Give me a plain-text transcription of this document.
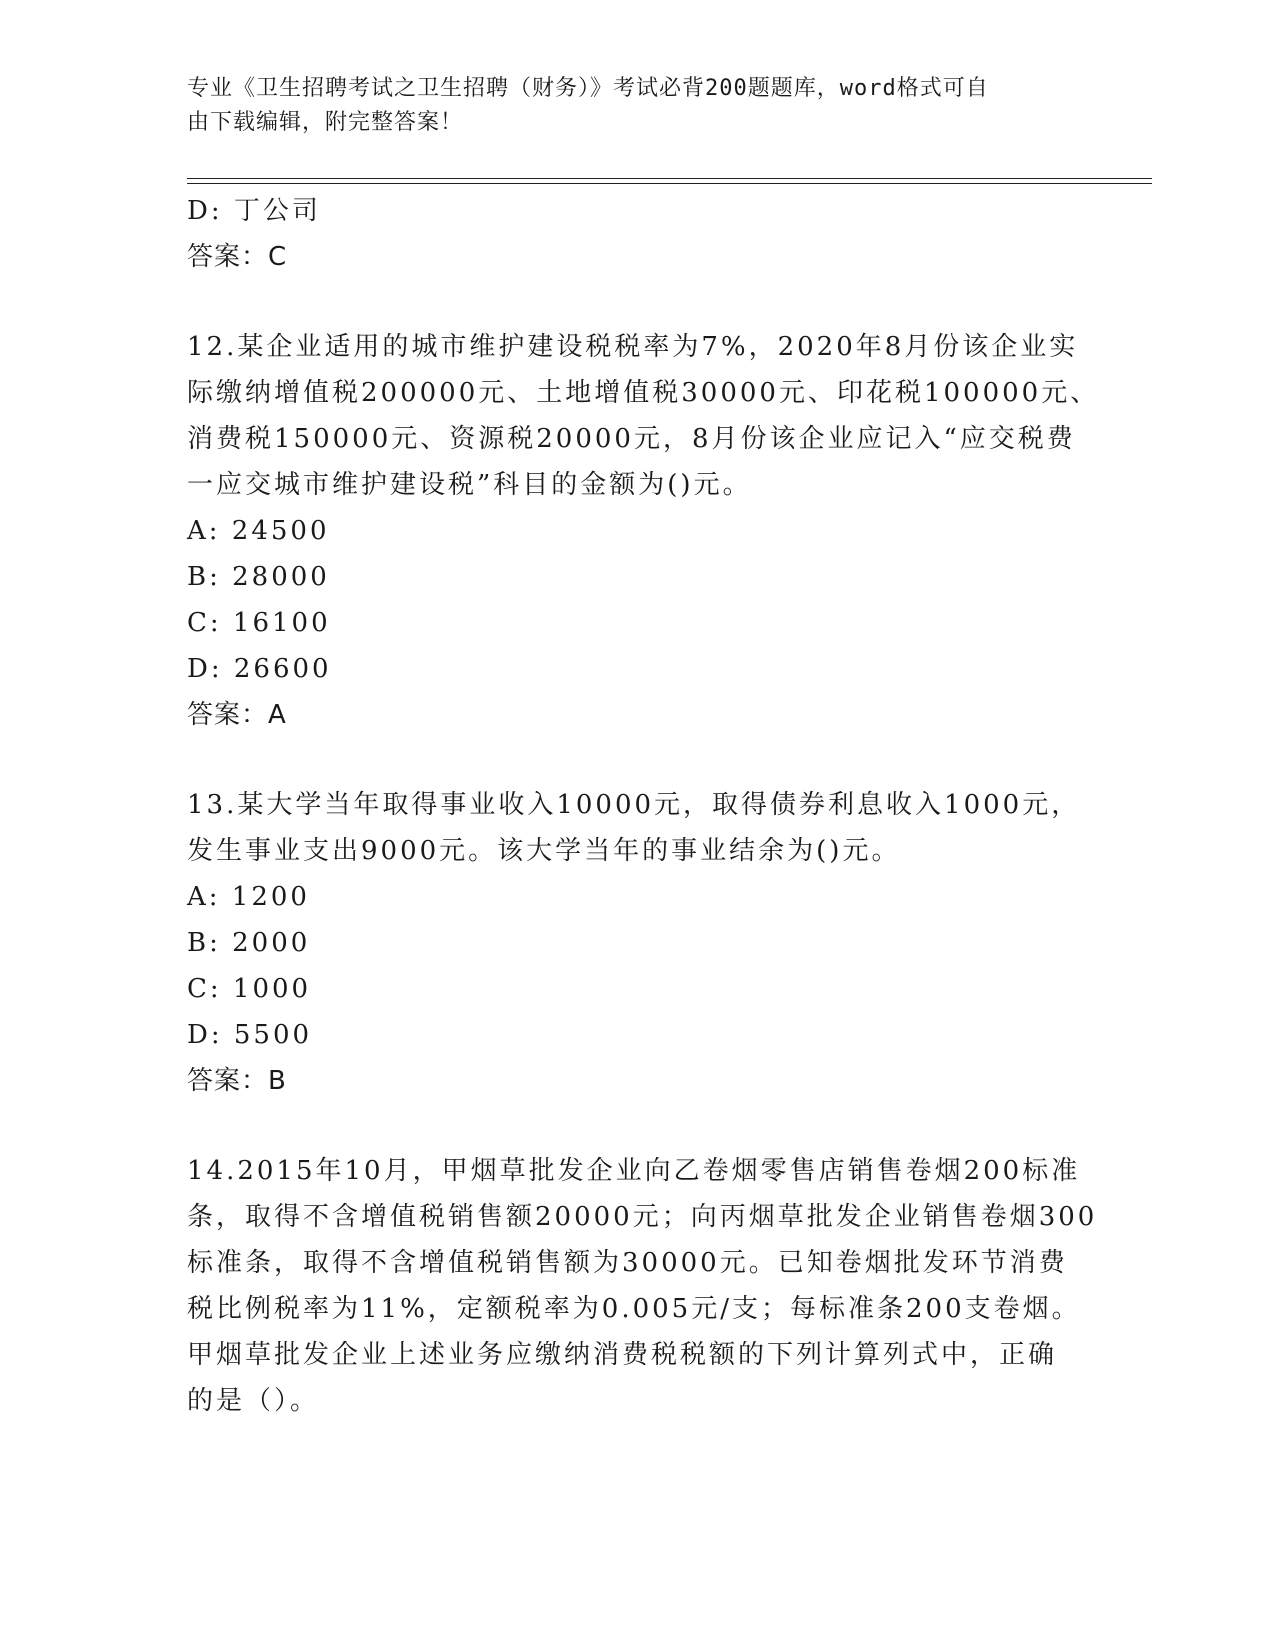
专业《卫生招聘考试之卫生招聘（财务）》考试必背200题题库，word格式可自
由下载编辑，附完整答案！
D: 丁公司
答案：C
12.某企业适用的城市维护建设税税率为7%，2020年8月份该企业实
际缴纳增值税200000元、土地增值税30000元、印花税100000元、
消费税150000元、资源税20000元，8月份该企业应记入“应交税费
一应交城市维护建设税”科目的金额为()元。
A: 24500
B: 28000
C: 16100
D: 26600
答案：A
13.某大学当年取得事业收入10000元，取得债券利息收入1000元，
发生事业支出9000元。该大学当年的事业结余为()元。
A: 1200
B: 2000
C: 1000
D: 5500
答案：B
14.2015年10月，甲烟草批发企业向乙卷烟零售店销售卷烟200标准
条，取得不含增值税销售额20000元；向丙烟草批发企业销售卷烟300
标准条，取得不含增值税销售额为30000元。已知卷烟批发环节消费
税比例税率为11%，定额税率为0.005元/支；每标准条200支卷烟。
甲烟草批发企业上述业务应缴纳消费税税额的下列计算列式中，正确
的是（）。
